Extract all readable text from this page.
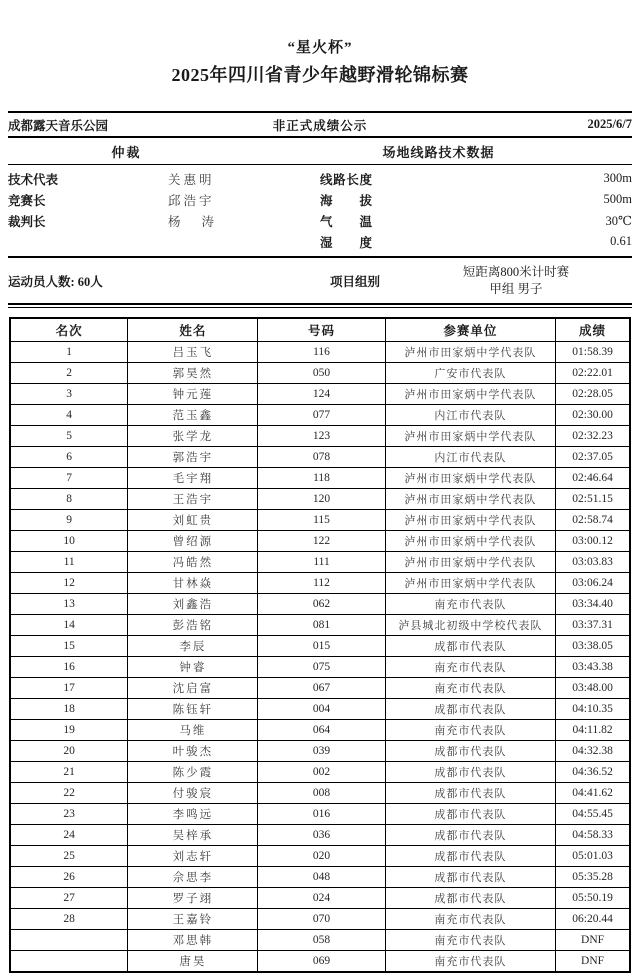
“星火杯”
2025年四川省青少年越野滑轮锦标赛
成都露天音乐公园	非正式成绩公示	2025/6/7
仲裁	场地线路技术数据
技术代表	关惠明	线路长度	300m
竞赛长	邱浩宇	海拔	500m
裁判长	杨涛	气温	30℃
湿度	0.61
运动员人数: 60人	项目组别
短距离800米计时赛
甲组 男子
名次	姓名	号码	参赛单位	成绩
1	吕玉飞	116	泸州市田家炳中学代表队	01:58.39
2	郭昊然	050	广安市代表队	02:22.01
3	钟元莲	124	泸州市田家炳中学代表队	02:28.05
4	范玉鑫	077	内江市代表队	02:30.00
5	张学龙	123	泸州市田家炳中学代表队	02:32.23
6	郭浩宇	078	内江市代表队	02:37.05
7	毛宇翔	118	泸州市田家炳中学代表队	02:46.64
8	王浩宇	120	泸州市田家炳中学代表队	02:51.15
9	刘虹贵	115	泸州市田家炳中学代表队	02:58.74
10	曾绍源	122	泸州市田家炳中学代表队	03:00.12
11	冯皓然	111	泸州市田家炳中学代表队	03:03.83
12	甘林焱	112	泸州市田家炳中学代表队	03:06.24
13	刘鑫浩	062	南充市代表队	03:34.40
14	彭浩铭	081	泸县城北初级中学校代表队	03:37.31
15	李辰	015	成都市代表队	03:38.05
16	钟睿	075	南充市代表队	03:43.38
17	沈启富	067	南充市代表队	03:48.00
18	陈钰轩	004	成都市代表队	04:10.35
19	马维	064	南充市代表队	04:11.82
20	叶骏杰	039	成都市代表队	04:32.38
21	陈少霞	002	成都市代表队	04:36.52
22	付骏宸	008	成都市代表队	04:41.62
23	李鸣远	016	成都市代表队	04:55.45
24	吴梓承	036	成都市代表队	04:58.33
25	刘志轩	020	成都市代表队	05:01.03
26	佘思李	048	成都市代表队	05:35.28
27	罗子翊	024	成都市代表队	05:50.19
28	王嘉铃	070	南充市代表队	06:20.44
	邓思韩	058	南充市代表队	DNF
	唐昊	069	南充市代表队	DNF
